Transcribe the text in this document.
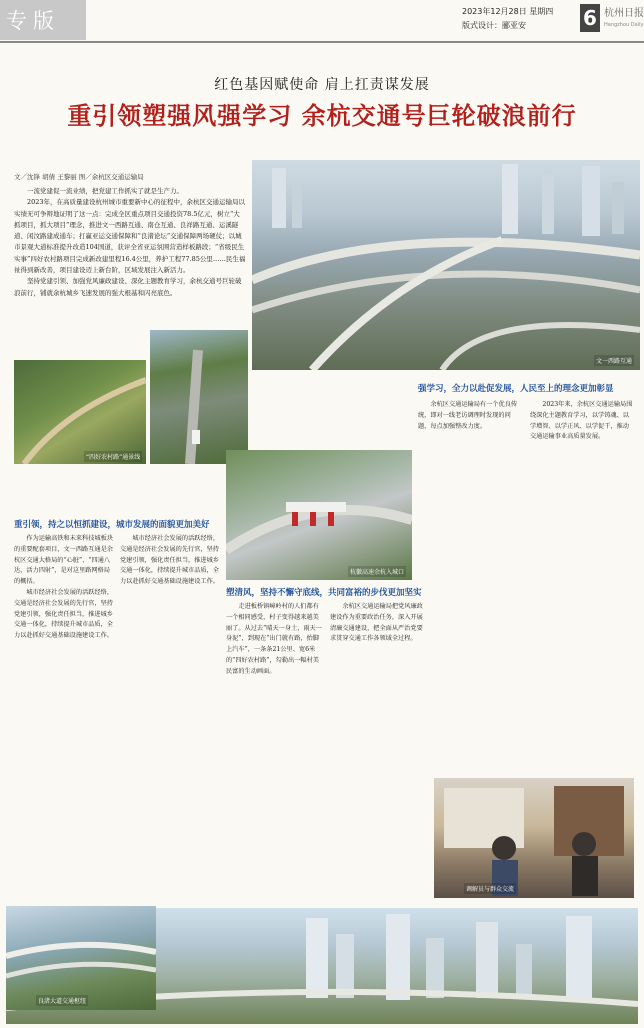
专版	2023年12月28日 星期四
版式设计：郦亚安	6 杭州日报
Hangzhou Daily
红色基因赋使命 肩上扛责谋发展
重引领塑强风强学习 余杭交通号巨轮破浪前行
文／沈锋 胡倩 王黎丽 图／余杭区交通运输局

一流党建促一流业绩，把党建工作抓实了就是生产力。

2023年，在高质量建设杭州城市重要新中心的征程中，余杭区交通运输局以实绩无可争辩地证明了这一点：完成全区重点项目交通投资78.5亿元，树立“大抓项目，抓大项目”理念，推进文一西路互通、南仓互通、良祥路互通、运溪隧道、闲汶路建成通车；打赢亚运交通保障和“良渚论坛”交通保障两场硬仗；以城市景观大道标准提升改造104国道，获评全省亚运氛围营造样板路段；“省级民生实事”四好农村路项目完成新改建里程16.4公里，养护工程77.85公里……民生福祉得到新改善，项目建设迈上新台阶，区域发展注入新活力。

坚持党建引领、加强党风廉政建设、深化主题教育学习，余杭交通号巨轮破浪前行，铺就余杭城乡飞速发展的强大根基和闪亮底色。

文一西路互通
“四好农村路”通景线
杭徽高速余杭入城口
重引领，持之以恒抓建设，城市发展的面貌更加美好

作为运输高铁和未来科技城板块的重要配套项目，文一西路互通是余杭区交通大格局的“心脏”、“四通八达，活力四射”，是对这里路网格局的概括。

城市经济社会发展的活跃经络，交通是经济社会发展的先行官，坚持党建引领，强化责任担当，推进城乡交通一体化，持续提升城市品质，全力以赴抓好交通基础设施建设工作。

城市经济社会发展的活跃经络，交通是经济社会发展的先行官，坚持党建引领，强化责任担当，推进城乡交通一体化，持续提升城市品质，全力以赴抓好交通基础设施建设工作。

塑清风，坚持不懈守底线，共同富裕的步伐更加坚实

走进板桥镇嶂岭村的人们都有一个相同感受，村子变得越来越美丽了。从过去“晴天一身土，雨天一身泥”，到现在“出门就有路，抬脚上汽车”，一条条21公里、宽6米的“四好农村路”，勾勒出一幅村美民富的生动画面。

余杭区交通运输局把党风廉政建设作为重要政治任务，深入开展清廉交通建设，把全面从严治党要求贯穿交通工作各领域全过程。

强学习，全力以赴促发展，人民至上的理念更加彰显

余杭区交通运输局有一个优良传统，即对一线老访调理时发现的问题，每点加强整改力度。

2023年来，余杭区交通运输局围绕深化主题教育学习，以学铸魂、以学增智、以学正风、以学促干，推动交通运输事业高质量发展。

调解员与群众交流
良渚大道交通枢纽
